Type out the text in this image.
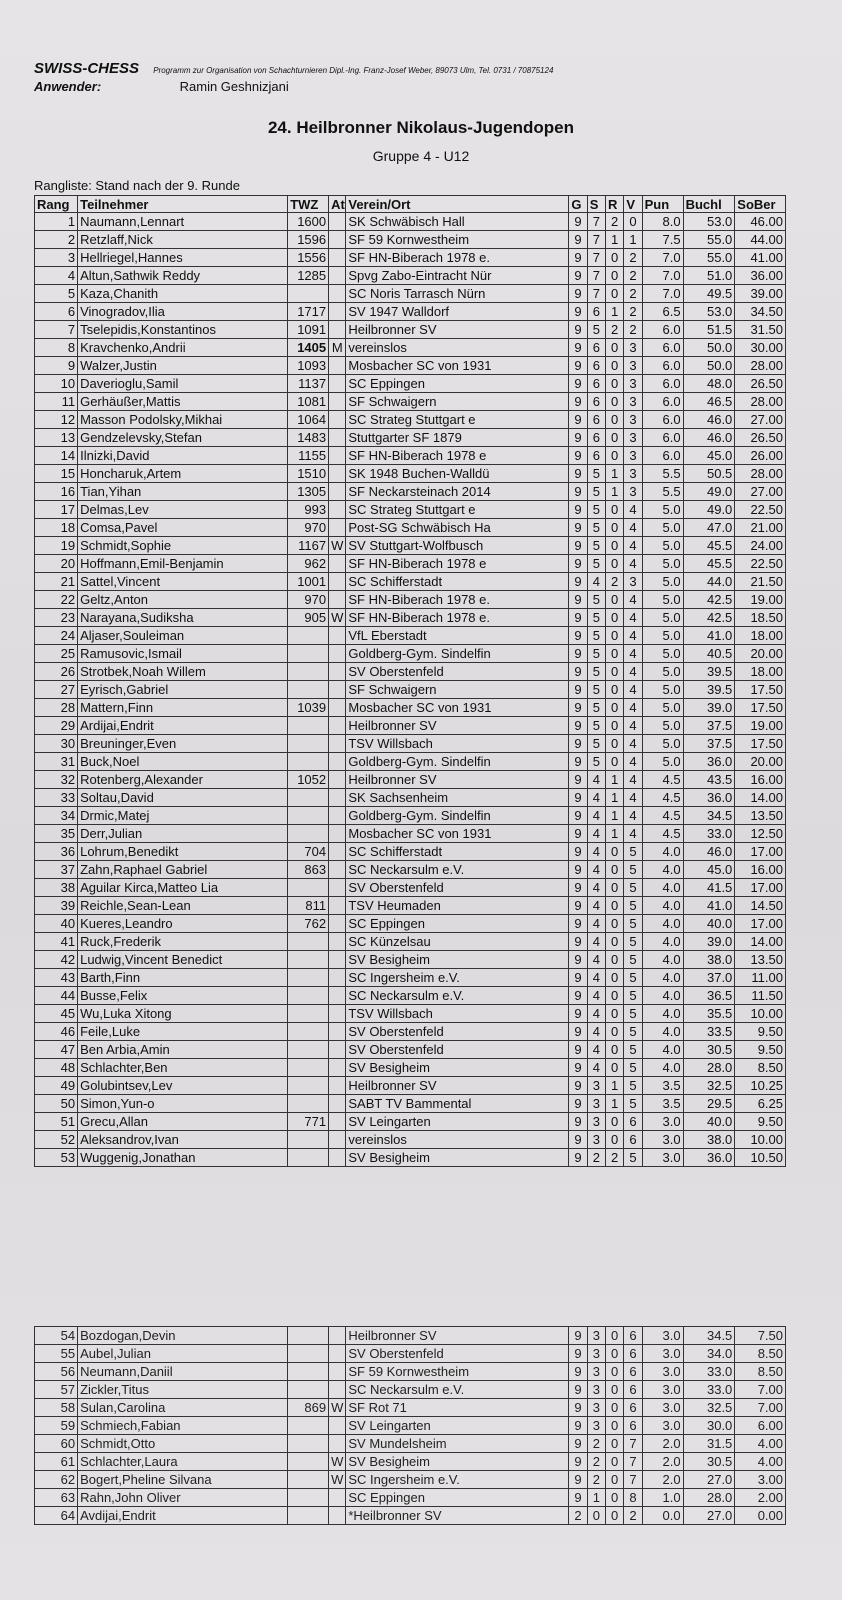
SWISS-CHESS Programm zur Organisation von Schachturnieren Dipl.-Ing. Franz-Josef Weber, 89073 Ulm, Tel. 0731 / 70875124
Anwender:	Ramin Geshnizjani
24. Heilbronner Nikolaus-Jugendopen
Gruppe 4 - U12
Rangliste: Stand nach der 9. Runde
Rang	Teilnehmer	TWZ	At	Verein/Ort	G	S	R	V	Pun	Buchl	SoBer
1	Naumann,Lennart	1600		SK Schwäbisch Hall	9	7	2	0	8.0	53.0	46.00
2	Retzlaff,Nick	1596		SF 59 Kornwestheim	9	7	1	1	7.5	55.0	44.00
3	Hellriegel,Hannes	1556		SF HN-Biberach 1978 e.	9	7	0	2	7.0	55.0	41.00
4	Altun,Sathwik Reddy	1285		Spvg Zabo-Eintracht Nür	9	7	0	2	7.0	51.0	36.00
5	Kaza,Chanith			SC Noris Tarrasch Nürn	9	7	0	2	7.0	49.5	39.00
6	Vinogradov,Ilia	1717		SV 1947 Walldorf	9	6	1	2	6.5	53.0	34.50
7	Tselepidis,Konstantinos	1091		Heilbronner SV	9	5	2	2	6.0	51.5	31.50
8	Kravchenko,Andrii	1405	M	vereinslos	9	6	0	3	6.0	50.0	30.00
9	Walzer,Justin	1093		Mosbacher SC von 1931	9	6	0	3	6.0	50.0	28.00
10	Daverioglu,Samil	1137		SC Eppingen	9	6	0	3	6.0	48.0	26.50
11	Gerhäußer,Mattis	1081		SF Schwaigern	9	6	0	3	6.0	46.5	28.00
12	Masson Podolsky,Mikhai	1064		SC Strateg Stuttgart e	9	6	0	3	6.0	46.0	27.00
13	Gendzelevsky,Stefan	1483		Stuttgarter SF 1879	9	6	0	3	6.0	46.0	26.50
14	Ilnizki,David	1155		SF HN-Biberach 1978 e	9	6	0	3	6.0	45.0	26.00
15	Honcharuk,Artem	1510		SK 1948 Buchen-Walldü	9	5	1	3	5.5	50.5	28.00
16	Tian,Yihan	1305		SF Neckarsteinach 2014	9	5	1	3	5.5	49.0	27.00
17	Delmas,Lev	993		SC Strateg Stuttgart e	9	5	0	4	5.0	49.0	22.50
18	Comsa,Pavel	970		Post-SG Schwäbisch Ha	9	5	0	4	5.0	47.0	21.00
19	Schmidt,Sophie	1167	W	SV Stuttgart-Wolfbusch	9	5	0	4	5.0	45.5	24.00
20	Hoffmann,Emil-Benjamin	962		SF HN-Biberach 1978 e	9	5	0	4	5.0	45.5	22.50
21	Sattel,Vincent	1001		SC Schifferstadt	9	4	2	3	5.0	44.0	21.50
22	Geltz,Anton	970		SF HN-Biberach 1978 e.	9	5	0	4	5.0	42.5	19.00
23	Narayana,Sudiksha	905	W	SF HN-Biberach 1978 e.	9	5	0	4	5.0	42.5	18.50
24	Aljaser,Souleiman			VfL Eberstadt	9	5	0	4	5.0	41.0	18.00
25	Ramusovic,Ismail			Goldberg-Gym. Sindelfin	9	5	0	4	5.0	40.5	20.00
26	Strotbek,Noah Willem			SV Oberstenfeld	9	5	0	4	5.0	39.5	18.00
27	Eyrisch,Gabriel			SF Schwaigern	9	5	0	4	5.0	39.5	17.50
28	Mattern,Finn	1039		Mosbacher SC von 1931	9	5	0	4	5.0	39.0	17.50
29	Ardijai,Endrit			Heilbronner SV	9	5	0	4	5.0	37.5	19.00
30	Breuninger,Even			TSV Willsbach	9	5	0	4	5.0	37.5	17.50
31	Buck,Noel			Goldberg-Gym. Sindelfin	9	5	0	4	5.0	36.0	20.00
32	Rotenberg,Alexander	1052		Heilbronner SV	9	4	1	4	4.5	43.5	16.00
33	Soltau,David			SK Sachsenheim	9	4	1	4	4.5	36.0	14.00
34	Drmic,Matej			Goldberg-Gym. Sindelfin	9	4	1	4	4.5	34.5	13.50
35	Derr,Julian			Mosbacher SC von 1931	9	4	1	4	4.5	33.0	12.50
36	Lohrum,Benedikt	704		SC Schifferstadt	9	4	0	5	4.0	46.0	17.00
37	Zahn,Raphael Gabriel	863		SC Neckarsulm e.V.	9	4	0	5	4.0	45.0	16.00
38	Aguilar Kirca,Matteo Lia			SV Oberstenfeld	9	4	0	5	4.0	41.5	17.00
39	Reichle,Sean-Lean	811		TSV Heumaden	9	4	0	5	4.0	41.0	14.50
40	Kueres,Leandro	762		SC Eppingen	9	4	0	5	4.0	40.0	17.00
41	Ruck,Frederik			SC Künzelsau	9	4	0	5	4.0	39.0	14.00
42	Ludwig,Vincent Benedict			SV Besigheim	9	4	0	5	4.0	38.0	13.50
43	Barth,Finn			SC Ingersheim e.V.	9	4	0	5	4.0	37.0	11.00
44	Busse,Felix			SC Neckarsulm e.V.	9	4	0	5	4.0	36.5	11.50
45	Wu,Luka Xitong			TSV Willsbach	9	4	0	5	4.0	35.5	10.00
46	Feile,Luke			SV Oberstenfeld	9	4	0	5	4.0	33.5	9.50
47	Ben Arbia,Amin			SV Oberstenfeld	9	4	0	5	4.0	30.5	9.50
48	Schlachter,Ben			SV Besigheim	9	4	0	5	4.0	28.0	8.50
49	Golubintsev,Lev			Heilbronner SV	9	3	1	5	3.5	32.5	10.25
50	Simon,Yun-o			SABT TV Bammental	9	3	1	5	3.5	29.5	6.25
51	Grecu,Allan	771		SV Leingarten	9	3	0	6	3.0	40.0	9.50
52	Aleksandrov,Ivan			vereinslos	9	3	0	6	3.0	38.0	10.00
53	Wuggenig,Jonathan			SV Besigheim	9	2	2	5	3.0	36.0	10.50
54	Bozdogan,Devin			Heilbronner SV	9	3	0	6	3.0	34.5	7.50
55	Aubel,Julian			SV Oberstenfeld	9	3	0	6	3.0	34.0	8.50
56	Neumann,Daniil			SF 59 Kornwestheim	9	3	0	6	3.0	33.0	8.50
57	Zickler,Titus			SC Neckarsulm e.V.	9	3	0	6	3.0	33.0	7.00
58	Sulan,Carolina	869	W	SF Rot 71	9	3	0	6	3.0	32.5	7.00
59	Schmiech,Fabian			SV Leingarten	9	3	0	6	3.0	30.0	6.00
60	Schmidt,Otto			SV Mundelsheim	9	2	0	7	2.0	31.5	4.00
61	Schlachter,Laura		W	SV Besigheim	9	2	0	7	2.0	30.5	4.00
62	Bogert,Pheline Silvana		W	SC Ingersheim e.V.	9	2	0	7	2.0	27.0	3.00
63	Rahn,John Oliver			SC Eppingen	9	1	0	8	1.0	28.0	2.00
64	Avdijai,Endrit			*Heilbronner SV	2	0	0	2	0.0	27.0	0.00
